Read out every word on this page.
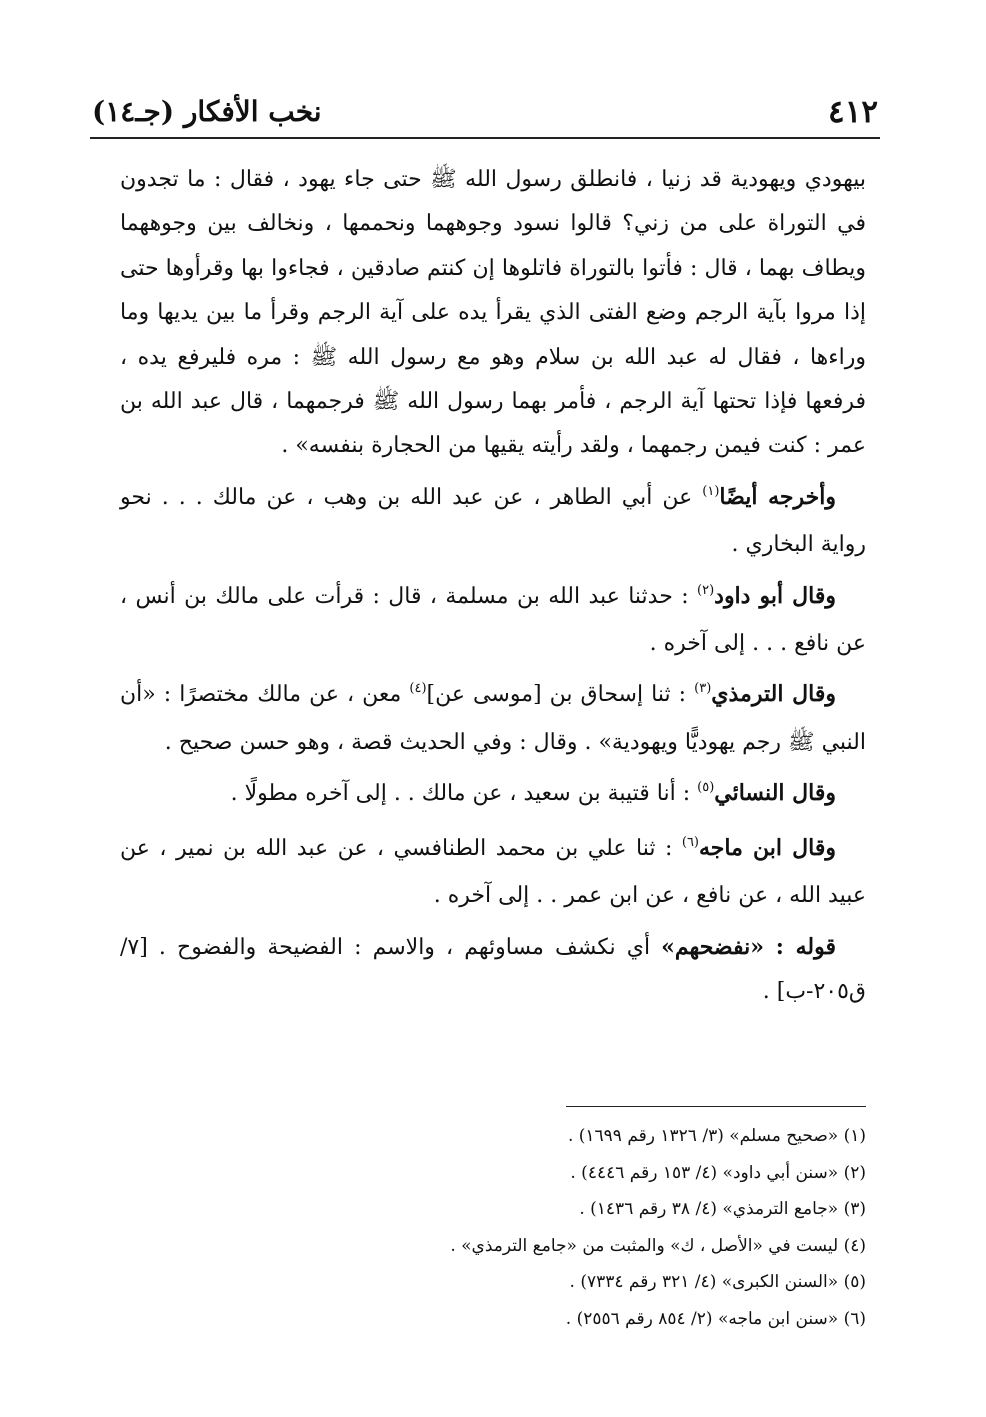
٤١٢
نخب الأفكار (جـ١٤)

بيهودي ويهودية قد زنيا ، فانطلق رسول الله ﷺ حتى جاء يهود ، فقال : ما تجدون في التوراة على من زني؟ قالوا نسود وجوههما ونحممها ، ونخالف بين وجوههما ويطاف بهما ، قال : فأتوا بالتوراة فاتلوها إن كنتم صادقين ، فجاءوا بها وقرأوها حتى إذا مروا بآية الرجم وضع الفتى الذي يقرأ يده على آية الرجم وقرأ ما بين يديها وما وراءها ، فقال له عبد الله بن سلام وهو مع رسول الله ﷺ : مره فليرفع يده ، فرفعها فإذا تحتها آية الرجم ، فأمر بهما رسول الله ﷺ فرجمهما ، قال عبد الله بن عمر : كنت فيمن رجمهما ، ولقد رأيته يقيها من الحجارة بنفسه» .

وأخرجه أيضًا$^{(١)}$ عن أبي الطاهر ، عن عبد الله بن وهب ، عن مالك . . . نحو رواية البخاري .

وقال أبو داود$^{(٢)}$ : حدثنا عبد الله بن مسلمة ، قال : قرأت على مالك بن أنس ، عن نافع . . . إلى آخره .

وقال الترمذي$^{(٣)}$ : ثنا إسحاق بن [موسى عن]$^{(٤)}$ معن ، عن مالك مختصرًا : «أن النبي ﷺ رجم يهوديًّا ويهودية» . وقال : وفي الحديث قصة ، وهو حسن صحيح .

وقال النسائي$^{(٥)}$ : أنا قتيبة بن سعيد ، عن مالك . . إلى آخره مطولًا .

وقال ابن ماجه$^{(٦)}$ : ثنا علي بن محمد الطنافسي ، عن عبد الله بن نمير ، عن عبيد الله ، عن نافع ، عن ابن عمر . . إلى آخره .

قوله : «نفضحهم» أي نكشف مساوئهم ، والاسم : الفضيحة والفضوح . [٧/ ق٢٠٥-ب] .

(١) «صحيح مسلم» (٣/ ١٣٢٦ رقم ١٦٩٩) .

(٢) «سنن أبي داود» (٤/ ١٥٣ رقم ٤٤٤٦) .

(٣) «جامع الترمذي» (٤/ ٣٨ رقم ١٤٣٦) .

(٤) ليست في «الأصل ، ك» والمثبت من «جامع الترمذي» .

(٥) «السنن الكبرى» (٤/ ٣٢١ رقم ٧٣٣٤) .

(٦) «سنن ابن ماجه» (٢/ ٨٥٤ رقم ٢٥٥٦) .
